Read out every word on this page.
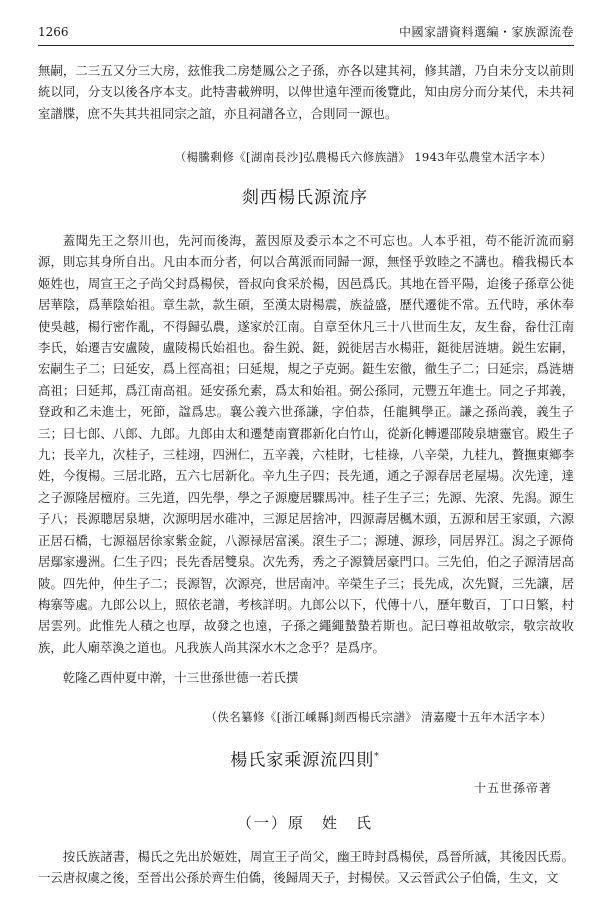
1266	中國家譜資料選編・家族源流卷

無嗣，二三五又分三大房，玆惟我二房楚鳳公之子孫，亦各以建其祠，修其譜，乃自未分支以前則統以同，分支以後各序本支。此特書載辨明，以俾世遠年湮而後覽此，知由房分而分某代，未共祠室譜牒，庶不失其共祖同宗之誼，亦且祠譜各立，合則同一源也。

（楊騰剩修《[湖南長沙]弘農楊氏六修族譜》 1943年弘農堂木活字本）
剡西楊氏源流序

蓋聞先王之祭川也，先河而後海，蓋因原及委示本之不可忘也。人本乎祖，苟不能沂流而窮源，則忘其身所自出。凡由本而分者，何以合萬派而同歸一源，無怪乎敦睦之不講也。稽我楊氏本姬姓也，周宣王之子尚父封爲楊侯，晉叔向食采於楊，因邑爲氏。其地在晉平陽，迨後子孫章公徙居華陰，爲華陰始祖。章生款，款生碩，至漢太尉楊震，族益盛，歷代遷徙不常。五代時，承休奉使吳越，楊行密作亂，不得歸弘農，遂家於江南。自章至休凡三十八世而生友，友生畚，畚仕江南李氏，始遷吉安盧陵，盧陵楊氏始祖也。畚生鋭、鋌，鋭徙居吉水楊莊，鋌徙居涟塘。鋭生宏嗣，宏嗣生子二；曰延安，爲上徑高祖；曰延規，規之子克弼。鋌生宏徹，徹生子二；曰延宗，爲涟塘高祖；曰延邦，爲江南高祖。延安孫允素，爲太和始祖。弼公孫同，元豐五年進士。同之子邦義，登政和乙未進士，死節，諡爲忠。襄公義六世孫謙，字伯恭，任龍興學正。謙之孫尚義，義生子三；曰七郎、八郎、九郎。九郎由太和遷楚南寶郡新化白竹山，從新化轉遷邵陵泉塘靈官。殿生子九；長辛九，次桂子，三桂翊，四洲仁，五辛義，六桂財，七桂祿，八辛榮，九桂九，贅撫東鄉李姓，今復楊。三居北路，五六七居新化。辛九生子四；長先通，通之子源春居老屋場。次先達，達之子源隆居檀府。三先道，四先學，學之子源慶居驟馬冲。桂子生子三；先源、先滾、先潟。源生子八；長源聰居泉塘，次源明居水碓冲，三源足居捨冲，四源壽居楓木頭，五源和居王家頭，六源正居石橋，七源福居徐家紫金錠，八源禄居富溪。滾生子二；源璉、源珍，同居界江。潟之子源倚居鄢家邊洲。仁生子四；長先香居雙泉。次先秀，秀之子源贊居豪門口。三先伯，伯之子源清居高陂。四先仲，仲生子二；長源智，次源亮，世居南冲。辛榮生子三；長先成，次先賢，三先讓，居梅寨等處。九郎公以上，照依老譜，考核詳明。九郎公以下，代傳十八，歷年數百，丁口日繁，村居雲列。此惟先人積之也厚，故發之也遠，子孫之繩繩蟄蟄若斯也。記曰尊祖故敬宗，敬宗故收族，此人廟萃渙之道也。凡我族人尚其深水木之念乎？是爲序。

乾隆乙酉仲夏中澣，十三世孫世德一若氏撰

（佚名纂修《[浙江嵊縣]剡西楊氏宗譜》 清嘉慶十五年木活字本）
楊氏家乘源流四則*
十五世孫帝著
（一）原　姓　氏

按氏族諸書，楊氏之先出於姬姓，周宣王子尚父，幽王時封爲楊侯，爲晉所滅，其後因氏焉。一云唐叔虞之後，至晉出公孫於齊生伯僑，後歸周天子，封楊侯。又云晉武公子伯僑，生文，文
